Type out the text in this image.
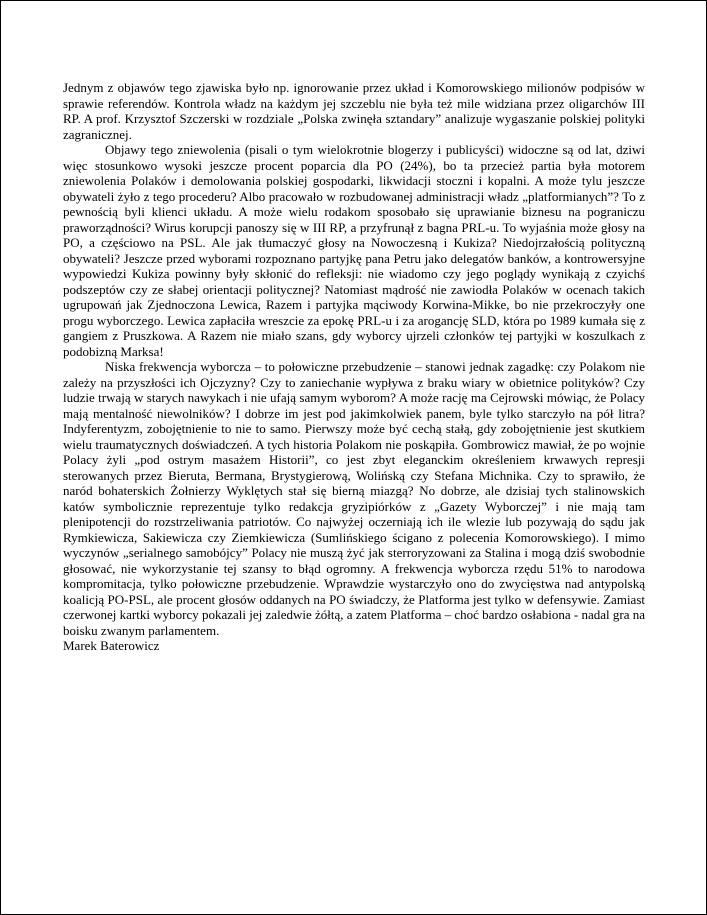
Jednym z objawów tego zjawiska było np. ignorowanie przez układ i Komorowskiego milionów podpisów w sprawie referendów. Kontrola władz na każdym jej szczeblu nie była też mile widziana przez oligarchów III RP. A prof. Krzysztof Szczerski w rozdziale „Polska zwinęła sztandary” analizuje wygaszanie polskiej polityki zagranicznej.

Objawy tego zniewolenia (pisali o tym wielokrotnie blogerzy i publicyści) widoczne są od lat, dziwi więc stosunkowo wysoki jeszcze procent poparcia dla PO (24%), bo ta przecież partia była motorem zniewolenia Polaków i demolowania polskiej gospodarki, likwidacji stoczni i kopalni. A może tylu jeszcze obywateli żyło z tego procederu? Albo pracowało w rozbudowanej administracji władz „platformianych”? To z pewnością byli klienci układu. A może wielu rodakom sposobało się uprawianie biznesu na pograniczu praworządności? Wirus korupcji panoszy się w III RP, a przyfrunął z bagna PRL-u. To wyjaśnia może głosy na PO, a częściowo na PSL. Ale jak tłumaczyć głosy na Nowoczesną i Kukiza? Niedojrzałością polityczną obywateli? Jeszcze przed wyborami rozpoznano partyjkę pana Petru jako delegatów banków, a kontrowersyjne wypowiedzi Kukiza powinny były skłonić do refleksji: nie wiadomo czy jego poglądy wynikają z czyichś podszeptów czy ze słabej orientacji politycznej? Natomiast mądrość nie zawiodła Polaków w ocenach takich ugrupowań jak Zjednoczona Lewica, Razem i partyjka mąciwody Korwina-Mikke, bo nie przekroczyły one progu wyborczego. Lewica zapłaciła wreszcie za epokę PRL-u i za arogancję SLD, która po 1989 kumała się z gangiem z Pruszkowa. A Razem nie miało szans, gdy wyborcy ujrzeli członków tej partyjki w koszulkach z podobizną Marksa!

Niska frekwencja wyborcza – to połowiczne przebudzenie – stanowi jednak zagadkę: czy Polakom nie zależy na przyszłości ich Ojczyzny? Czy to zaniechanie wypływa z braku wiary w obietnice polityków? Czy ludzie trwają w starych nawykach i nie ufają samym wyborom? A może rację ma Cejrowski mówiąc, że Polacy mają mentalność niewolników? I dobrze im jest pod jakimkolwiek panem, byle tylko starczyło na pół litra? Indyferentyzm, zobojętnienie to nie to samo. Pierwszy może być cechą stałą, gdy zobojętnienie jest skutkiem wielu traumatycznych doświadczeń. A tych historia Polakom nie poskąpiła. Gombrowicz mawiał, że po wojnie Polacy żyli „pod ostrym masażem Historii”, co jest zbyt eleganckim określeniem krwawych represji sterowanych przez Bieruta, Bermana, Brystygierową, Wolińską czy Stefana Michnika. Czy to sprawiło, że naród bohaterskich Żołnierzy Wyklętych stał się bierną miazgą? No dobrze, ale dzisiaj tych stalinowskich katów symbolicznie reprezentuje tylko redakcja gryzipiórków z „Gazety Wyborczej” i nie mają tam plenipotencji do rozstrzeliwania patriotów. Co najwyżej oczerniają ich ile wlezie lub pozywają do sądu jak Rymkiewicza, Sakiewicza czy Ziemkiewicza (Sumlińskiego ścigano z polecenia Komorowskiego). I mimo wyczynów „serialnego samobójcy” Polacy nie muszą żyć jak sterroryzowani za Stalina i mogą dziś swobodnie głosować, nie wykorzystanie tej szansy to błąd ogromny. A frekwencja wyborcza rzędu 51% to narodowa kompromitacja, tylko połowiczne przebudzenie. Wprawdzie wystarczyło ono do zwycięstwa nad antypolską koalicją PO-PSL, ale procent głosów oddanych na PO świadczy, że Platforma jest tylko w defensywie. Zamiast czerwonej kartki wyborcy pokazali jej zaledwie żółtą, a zatem Platforma – choć bardzo osłabiona - nadal gra na boisku zwanym parlamentem.

Marek Baterowicz
